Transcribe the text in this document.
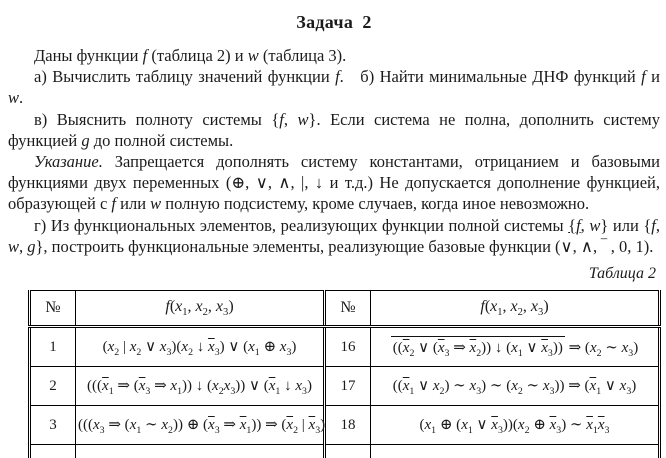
Задача 2

Даны функции f (таблица 2) и w (таблица 3).

а) Вычислить таблицу значений функции f. б) Найти минимальные ДНФ функций f и w.

в) Выяснить полноту системы {f, w}. Если система не полна, дополнить систему функцией g до полной системы.

Указание. Запрещается дополнять систему константами, отрицанием и базовыми функциями двух переменных (⊕, ∨, ∧, |, ↓ и т.д.) Не допускается дополнение функцией, образующей с f или w полную подсистему, кроме случаев, когда иное невозможно.

г) Из функциональных элементов, реализующих функции полной системы {f, w} или {f, w, g}, построить функциональные элементы, реализующие базовые функции (∨, ∧, ‾ , 0, 1).

Таблица 2
№	$f(x_1$, $x_2$, $x_3$)	№	$f(x_1$, $x_2$, $x_3$)
1	($x_2$ | $x_2$ ∨ $x_3)(x_2$ ↓ $\overline{x}_3$) ∨ ($x_1$ ⊕ $x_3$)	16	(($\overline{x}_2$ ∨ ($\overline{x}_3$ ⇒ $\overline{x}_2$)) ↓ ($x_1$ ∨ $\overline{x}_3$)) ⇒ ($x_2$ ∼ $x_3$)

2	((($\overline{x}_1$ ⇒ ($\overline{x}_3$ ⇒ $x_1$)) ↓ $(x_2x_3)$) ∨ ($\overline{x}_1$ ↓ $x_3$)	17	(($\overline{x}_1$ ∨ $x_2$) ∼ $x_3$) ∼ ($x_2$ ∼ $x_3$)) ⇒ ($\overline{x}_1$ ∨ $x_3$)

3	((($x_3$ ⇒ ($x_1$ ∼ $x_2$)) ⊕ ($\overline{x}_3$ ⇒ $\overline{x}_1$)) ⇒ ($\overline{x}_2$ | $\overline{x}_3$)	18	($x_1$ ⊕ ($x_1$ ∨ $\overline{x}_3))(x_2$ ⊕ $\overline{x}_3$) ∼ $\overline{x}_1\overline{x}_3$
